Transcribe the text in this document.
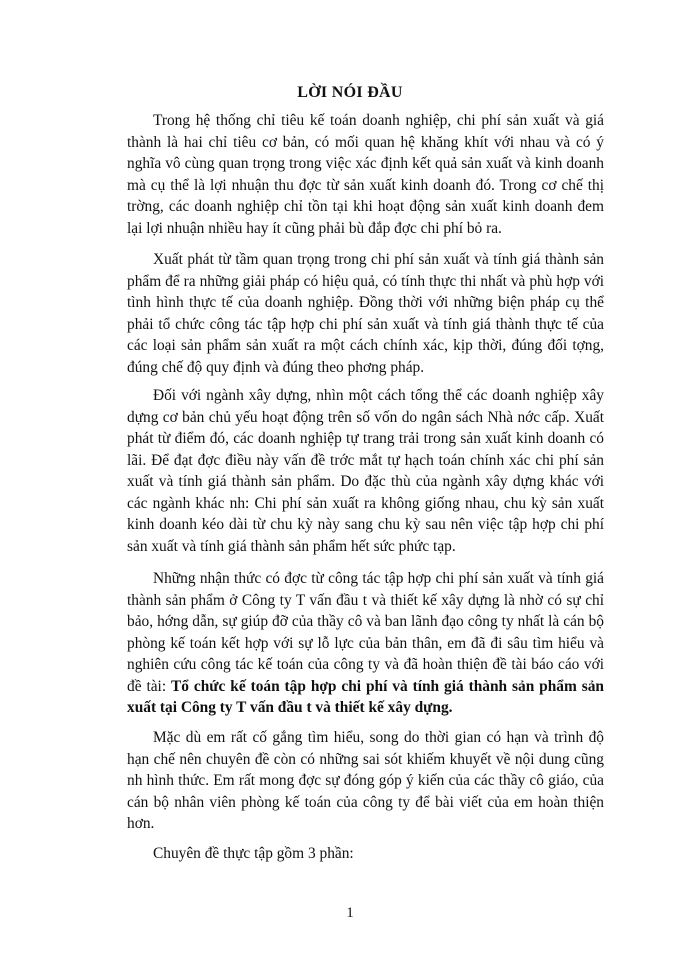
LỜI NÓI ĐẦU

Trong hệ thống chỉ tiêu kế toán doanh nghiệp, chi phí sản xuất và giá thành là hai chỉ tiêu cơ bản, có mối quan hệ khăng khít với nhau và có ý nghĩa vô cùng quan trọng trong việc xác định kết quả sản xuất và kinh doanh mà cụ thể là lợi nhuận thu đợc từ sản xuất kinh doanh đó. Trong cơ chế thị trờng, các doanh nghiệp chỉ tồn tại khi hoạt động sản xuất kinh doanh đem lại lợi nhuận nhiều hay ít cũng phải bù đắp đợc chi phí bỏ ra.

Xuất phát từ tầm quan trọng trong chi phí sản xuất và tính giá thành sản phẩm để ra những giải pháp có hiệu quả, có tính thực thi nhất và phù hợp với tình hình thực tế của doanh nghiệp. Đồng thời với những biện pháp cụ thể phải tổ chức công tác tập hợp chi phí sản xuất và tính giá thành thực tế của các loại sản phẩm sản xuất ra một cách chính xác, kịp thời, đúng đối tợng, đúng chế độ quy định và đúng theo phơng pháp.

Đối với ngành xây dựng, nhìn một cách tổng thể các doanh nghiệp xây dựng cơ bản chủ yếu hoạt động trên số vốn do ngân sách Nhà nớc cấp. Xuất phát từ điểm đó, các doanh nghiệp tự trang trải trong sản xuất kinh doanh có lãi. Để đạt đợc điều này vấn đề trớc mắt tự hạch toán chính xác chi phí sản xuất và tính giá thành sản phẩm. Do đặc thù của ngành xây dựng khác với các ngành khác nh: Chi phí sản xuất ra không giống nhau, chu kỳ sản xuất kinh doanh kéo dài từ chu kỳ này sang chu kỳ sau nên việc tập hợp chi phí sản xuất và tính giá thành sản phẩm hết sức phức tạp.

Những nhận thức có đợc từ công tác tập hợp chi phí sản xuất và tính giá thành sản phẩm ở Công ty T vấn đầu t và thiết kế xây dựng là nhờ có sự chỉ bảo, hớng dẫn, sự giúp đỡ của thầy cô và ban lãnh đạo công ty nhất là cán bộ phòng kế toán kết hợp với sự lỗ lực của bản thân, em đã đi sâu tìm hiểu và nghiên cứu công tác kế toán của công ty và đã hoàn thiện đề tài báo cáo với đề tài: Tổ chức kế toán tập hợp chi phí và tính giá thành sản phẩm sản xuất tại Công ty T vấn đầu t và thiết kế xây dựng.

Mặc dù em rất cố gắng tìm hiểu, song do thời gian có hạn và trình độ hạn chế nên chuyên đề còn có những sai sót khiếm khuyết về nội dung cũng nh hình thức. Em rất mong đợc sự đóng góp ý kiến của các thầy cô giáo, của cán bộ nhân viên phòng kế toán của công ty để bài viết của em hoàn thiện hơn.

Chuyên đề thực tập gồm 3 phần:

1
